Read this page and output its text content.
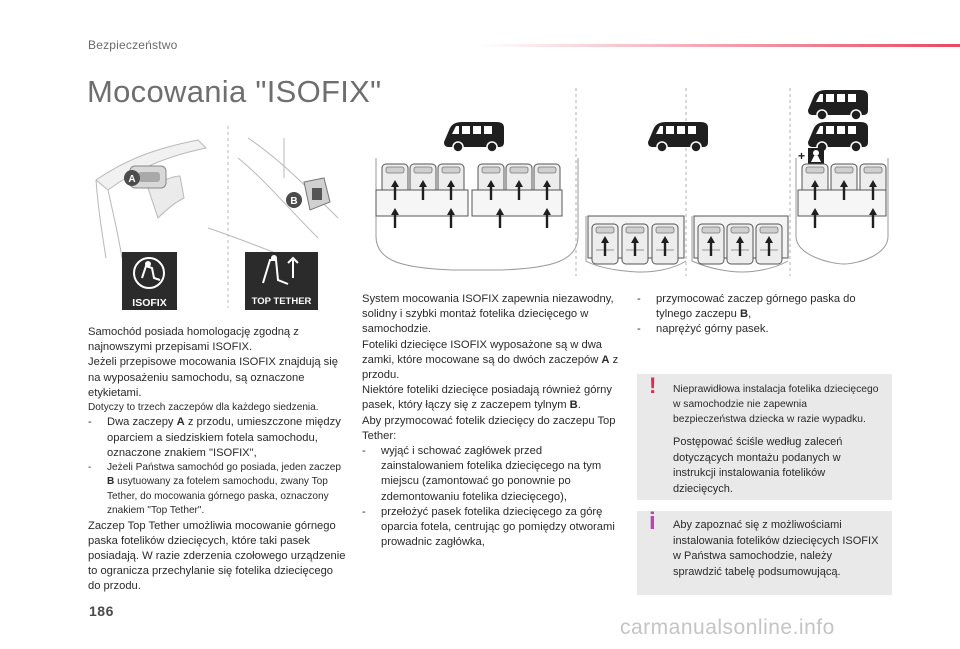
Bezpieczeństwo
Mocowania "ISOFIX"
A
B
ISOFIX	TOP TETHER
+

Samochód posiada homologację zgodną z najnowszymi przepisami ISOFIX.

Jeżeli przepisowe mocowania ISOFIX znajdują się na wyposażeniu samochodu, są oznaczone etykietami.

Dotyczy to trzech zaczepów dla każdego siedzenia.

- Dwa zaczepy A z przodu, umieszczone między oparciem a siedziskiem fotela samochodu, oznaczone znakiem "ISOFIX",
- Jeżeli Państwa samochód go posiada, jeden zaczep B usytuowany za fotelem samochodu, zwany Top Tether, do mocowania górnego paska, oznaczony znakiem "Top Tether".

Zaczep Top Tether umożliwia mocowanie górnego paska fotelików dziecięcych, które taki pasek posiadają. W razie zderzenia czołowego urządzenie to ogranicza przechylanie się fotelika dziecięcego do przodu.

System mocowania ISOFIX zapewnia niezawodny, solidny i szybki montaż fotelika dziecięcego w samochodzie.

Foteliki dziecięce ISOFIX wyposażone są w dwa zamki, które mocowane są do dwóch zaczepów A z przodu.

Niektóre foteliki dziecięce posiadają również górny pasek, który łączy się z zaczepem tylnym B.

Aby przymocować fotelik dziecięcy do zaczepu Top Tether:

- wyjąć i schować zagłówek przed zainstalowaniem fotelika dziecięcego na tym miejscu (zamontować go ponownie po zdemontowaniu fotelika dziecięcego),
- przełożyć pasek fotelika dziecięcego za górę oparcia fotela, centrując go pomiędzy otworami prowadnic zagłówka,
- przymocować zaczep górnego paska do tylnego zaczepu B,
- naprężyć górny pasek.
! Nieprawidłowa instalacja fotelika dziecięcego w samochodzie nie zapewnia bezpieczeństwa dziecka w razie wypadku.

Postępować ściśle według zaleceń dotyczących montażu podanych w instrukcji instalowania fotelików dziecięcych.

i Aby zapoznać się z możliwościami instalowania fotelików dziecięcych ISOFIX w Państwa samochodzie, należy sprawdzić tabelę podsumowującą.

186
carmanualsonline.info
